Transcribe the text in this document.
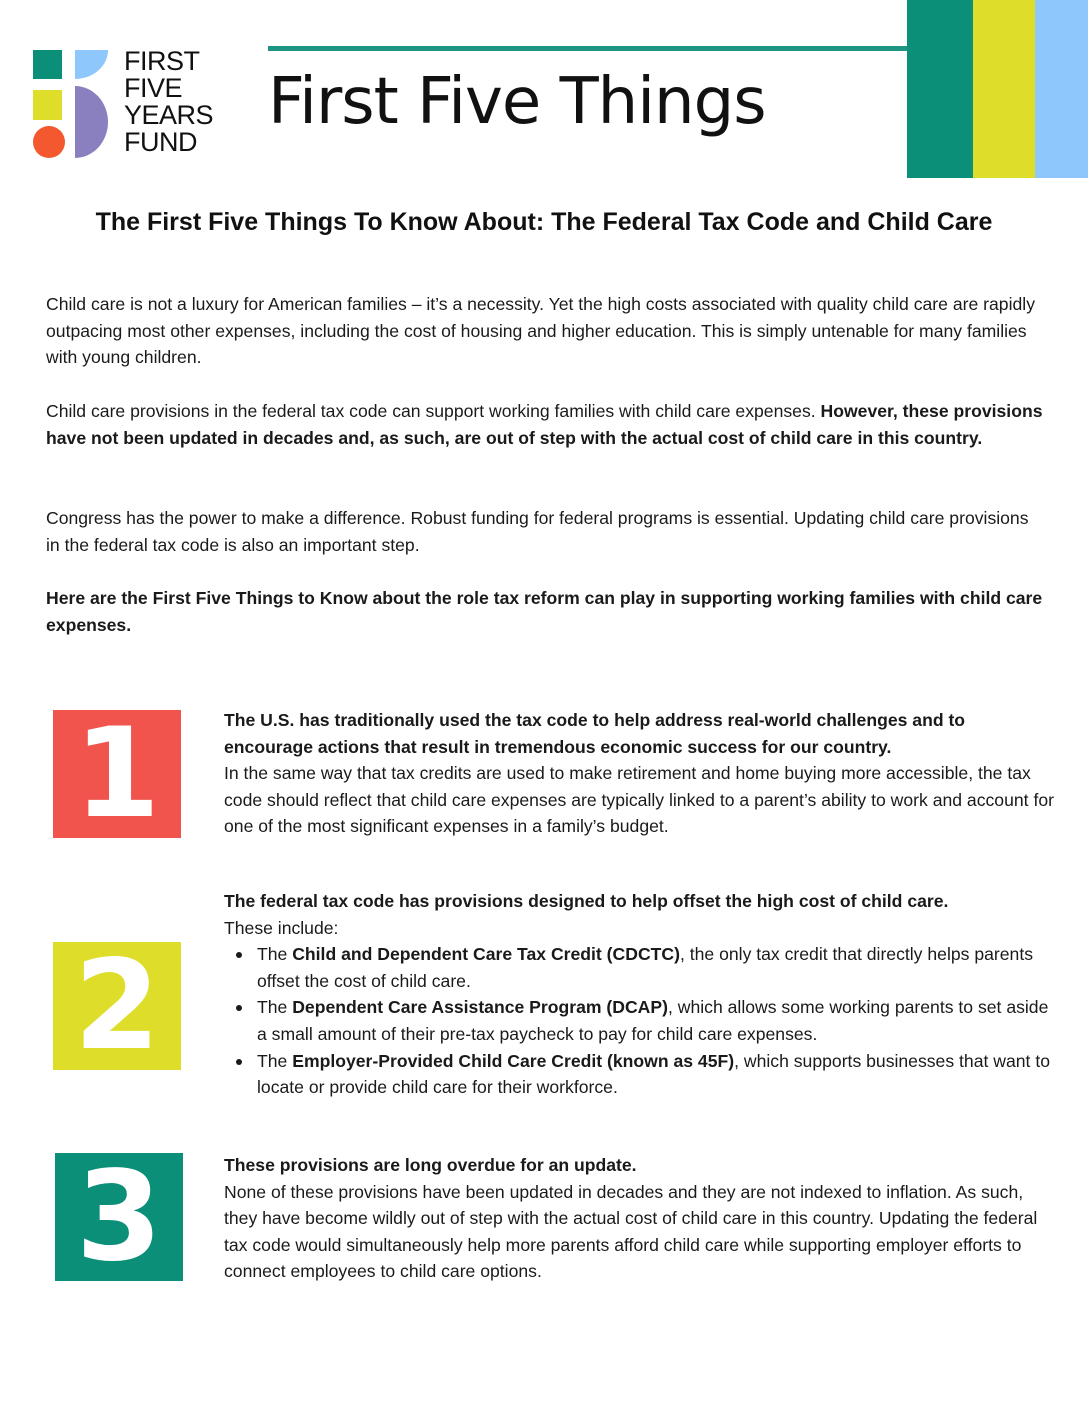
FIRST
FIVE
YEARS
FUND
First Five Things
The First Five Things To Know About: The Federal Tax Code and Child Care
Child care is not a luxury for American families – it’s a necessity. Yet the high costs associated with quality child care are rapidly outpacing most other expenses, including the cost of housing and higher education. This is simply untenable for many families with young children.
Child care provisions in the federal tax code can support working families with child care expenses. However, these provisions have not been updated in decades and, as such, are out of step with the actual cost of child care in this country.
Congress has the power to make a difference. Robust funding for federal programs is essential. Updating child care provisions in the federal tax code is also an important step.
Here are the First Five Things to Know about the role tax reform can play in supporting working families with child care expenses.
1	The U.S. has traditionally used the tax code to help address real-world challenges and to encourage actions that result in tremendous economic success for our country.
In the same way that tax credits are used to make retirement and home buying more accessible, the tax code should reflect that child care expenses are typically linked to a parent’s ability to work and account for one of the most significant expenses in a family’s budget.
2
The federal tax code has provisions designed to help offset the high cost of child care.
These include:
The Child and Dependent Care Tax Credit (CDCTC), the only tax credit that directly helps parents offset the cost of child care.
The Dependent Care Assistance Program (DCAP), which allows some working parents to set aside a small amount of their pre-tax paycheck to pay for child care expenses.
The Employer-Provided Child Care Credit (known as 45F), which supports businesses that want to locate or provide child care for their workforce.
3	These provisions are long overdue for an update.
None of these provisions have been updated in decades and they are not indexed to inflation. As such, they have become wildly out of step with the actual cost of child care in this country. Updating the federal tax code would simultaneously help more parents afford child care while supporting employer efforts to connect employees to child care options.
